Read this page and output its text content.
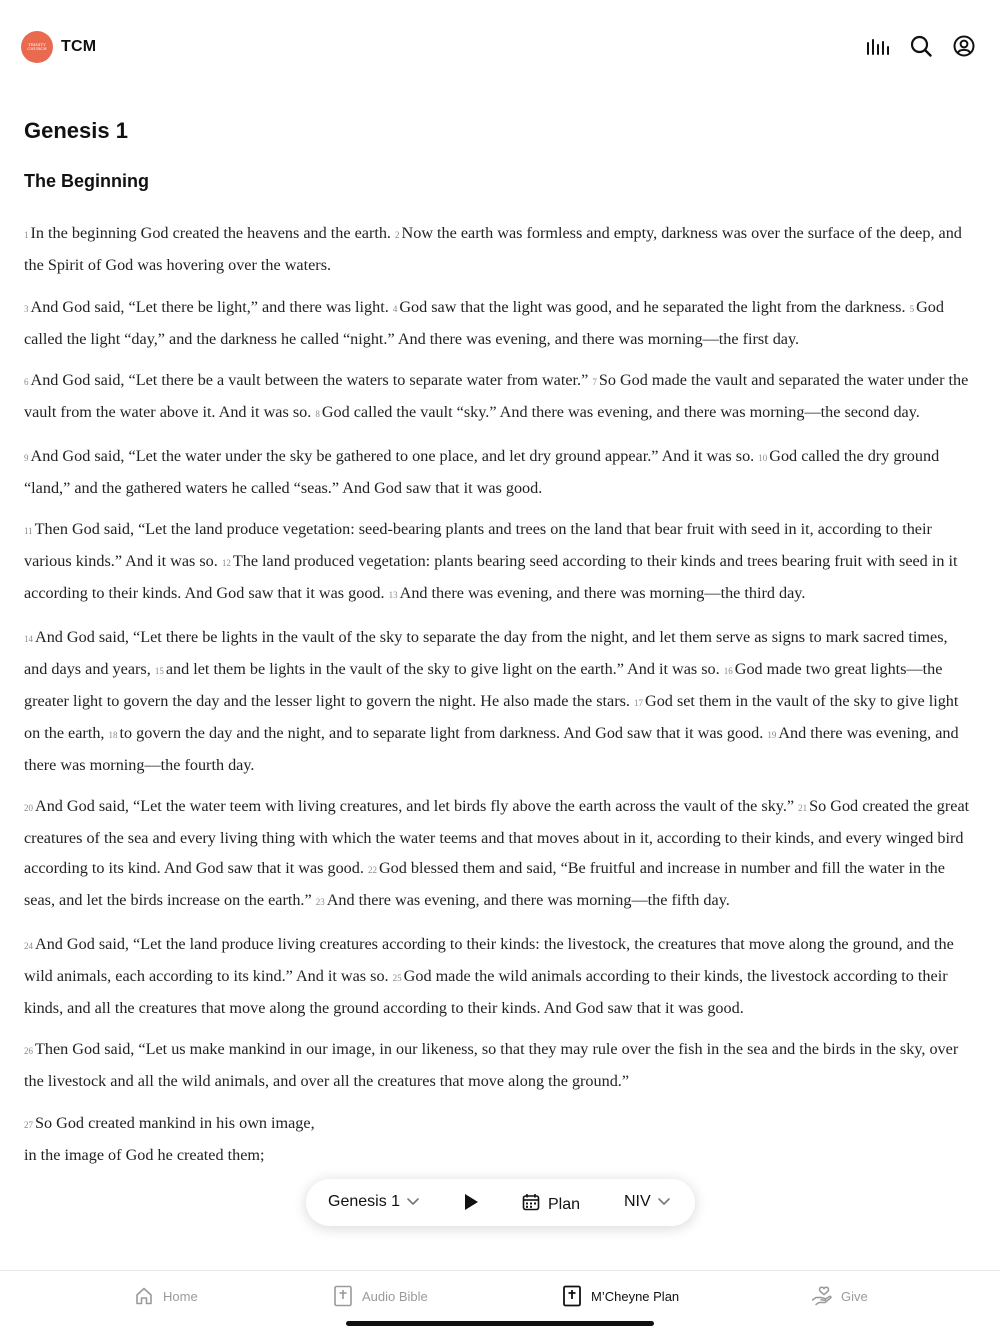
TRINITY CHURCH TCM
Genesis 1
The Beginning

1 In the beginning God created the heavens and the earth. 2 Now the earth was formless and empty, darkness was over the surface of the deep, and the Spirit of God was hovering over the waters.

3 And God said, “Let there be light,” and there was light. 4 God saw that the light was good, and he separated the light from the darkness. 5 God called the light “day,” and the darkness he called “night.” And there was evening, and there was morning—the first day.

6 And God said, “Let there be a vault between the waters to separate water from water.” 7 So God made the vault and separated the water under the vault from the water above it. And it was so. 8 God called the vault “sky.” And there was evening, and there was morning—the second day.

9 And God said, “Let the water under the sky be gathered to one place, and let dry ground appear.” And it was so. 10 God called the dry ground “land,” and the gathered waters he called “seas.” And God saw that it was good.

11 Then God said, “Let the land produce vegetation: seed-bearing plants and trees on the land that bear fruit with seed in it, according to their various kinds.” And it was so. 12 The land produced vegetation: plants bearing seed according to their kinds and trees bearing fruit with seed in it according to their kinds. And God saw that it was good. 13 And there was evening, and there was morning—the third day.

14 And God said, “Let there be lights in the vault of the sky to separate the day from the night, and let them serve as signs to mark sacred times, and days and years, 15 and let them be lights in the vault of the sky to give light on the earth.” And it was so. 16 God made two great lights—the greater light to govern the day and the lesser light to govern the night. He also made the stars. 17 God set them in the vault of the sky to give light on the earth, 18 to govern the day and the night, and to separate light from darkness. And God saw that it was good. 19 And there was evening, and there was morning—the fourth day.

20 And God said, “Let the water teem with living creatures, and let birds fly above the earth across the vault of the sky.” 21 So God created the great creatures of the sea and every living thing with which the water teems and that moves about in it, according to their kinds, and every winged bird according to its kind. And God saw that it was good. 22 God blessed them and said, “Be fruitful and increase in number and fill the water in the seas, and let the birds increase on the earth.” 23 And there was evening, and there was morning—the fifth day.

24 And God said, “Let the land produce living creatures according to their kinds: the livestock, the creatures that move along the ground, and the wild animals, each according to its kind.” And it was so. 25 God made the wild animals according to their kinds, the livestock according to their kinds, and all the creatures that move along the ground according to their kinds. And God saw that it was good.

26 Then God said, “Let us make mankind in our image, in our likeness, so that they may rule over the fish in the sea and the birds in the sky, over the livestock and all the wild animals, and over all the creatures that move along the ground.”

27 So God created mankind in his own image,

in the image of God he created them;

Genesis 1	Plan	NIV
Home	Audio Bible	M’Cheyne Plan	Give
